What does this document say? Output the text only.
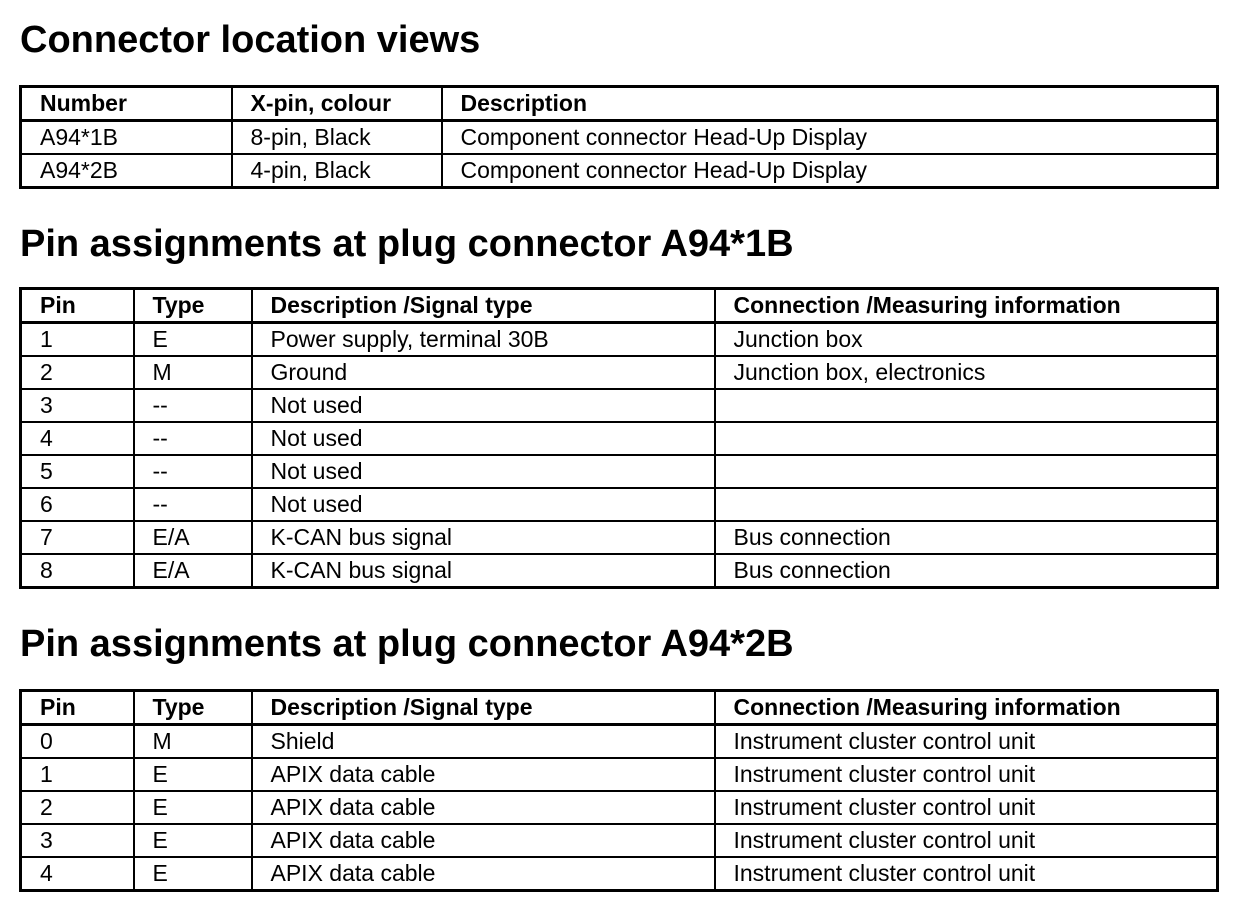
Connector location views
Number	X-pin, colour	Description
A94*1B	8-pin, Black	Component connector Head-Up Display
A94*2B	4-pin, Black	Component connector Head-Up Display
Pin assignments at plug connector A94*1B
Pin	Type	Description /Signal type	Connection /Measuring information
1	E	Power supply, terminal 30B	Junction box
2	M	Ground	Junction box, electronics
3	--	Not used	
4	--	Not used	
5	--	Not used	
6	--	Not used	
7	E/A	K-CAN bus signal	Bus connection
8	E/A	K-CAN bus signal	Bus connection
Pin assignments at plug connector A94*2B
Pin	Type	Description /Signal type	Connection /Measuring information
0	M	Shield	Instrument cluster control unit
1	E	APIX data cable	Instrument cluster control unit
2	E	APIX data cable	Instrument cluster control unit
3	E	APIX data cable	Instrument cluster control unit
4	E	APIX data cable	Instrument cluster control unit
